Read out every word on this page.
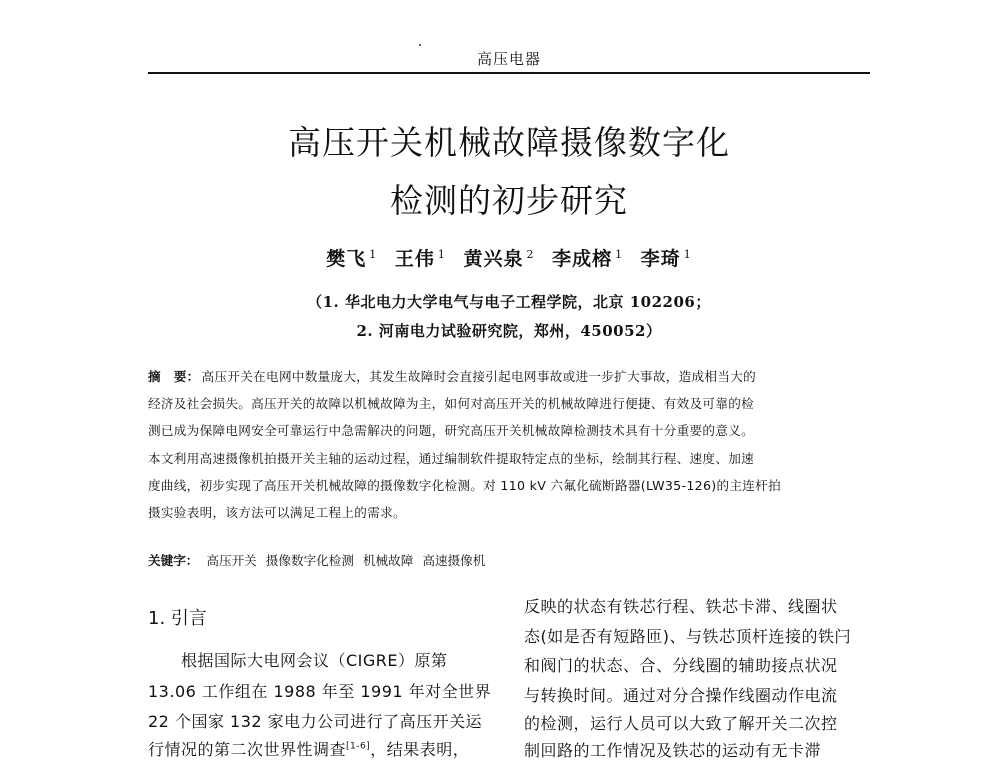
高压电器
高压开关机械故障摄像数字化
检测的初步研究
樊飞 $^1$ 王伟 $^1$ 黄兴泉 $^2$ 李成榕 $^1$ 李琦 $^1$
（1. 华北电力大学电气与电子工程学院，北京 102206；
2. 河南电力试验研究院，郑州，450052）
摘　要： 高压开关在电网中数量庞大，其发生故障时会直接引起电网事故或进一步扩大事故，造成相当大的
经济及社会损失。高压开关的故障以机械故障为主，如何对高压开关的机械故障进行便捷、有效及可靠的检
测已成为保障电网安全可靠运行中急需解决的问题，研究高压开关机械故障检测技术具有十分重要的意义。
本文利用高速摄像机拍摄开关主轴的运动过程，通过编制软件提取特定点的坐标，绘制其行程、速度、加速
度曲线，初步实现了高压开关机械故障的摄像数字化检测。对 110 kV 六氟化硫断路器(LW35-126)的主连杆拍
摄实验表明，该方法可以满足工程上的需求。
关键字： 高压开关 摄像数字化检测 机械故障 高速摄像机
1. 引言
　　根据国际大电网会议（CIGRE）原第
13.06 工作组在 1988 年至 1991 年对全世界
22 个国家 132 家电力公司进行了高压开关运
行情况的第二次世界性调查[1-6]，结果表明，
反映的状态有铁芯行程、铁芯卡滞、线圈状
态(如是否有短路匝)、与铁芯顶杆连接的铁闩
和阀门的状态、合、分线圈的辅助接点状况
与转换时间。通过对分合操作线圈动作电流
的检测，运行人员可以大致了解开关二次控
制回路的工作情况及铁芯的运动有无卡滞
